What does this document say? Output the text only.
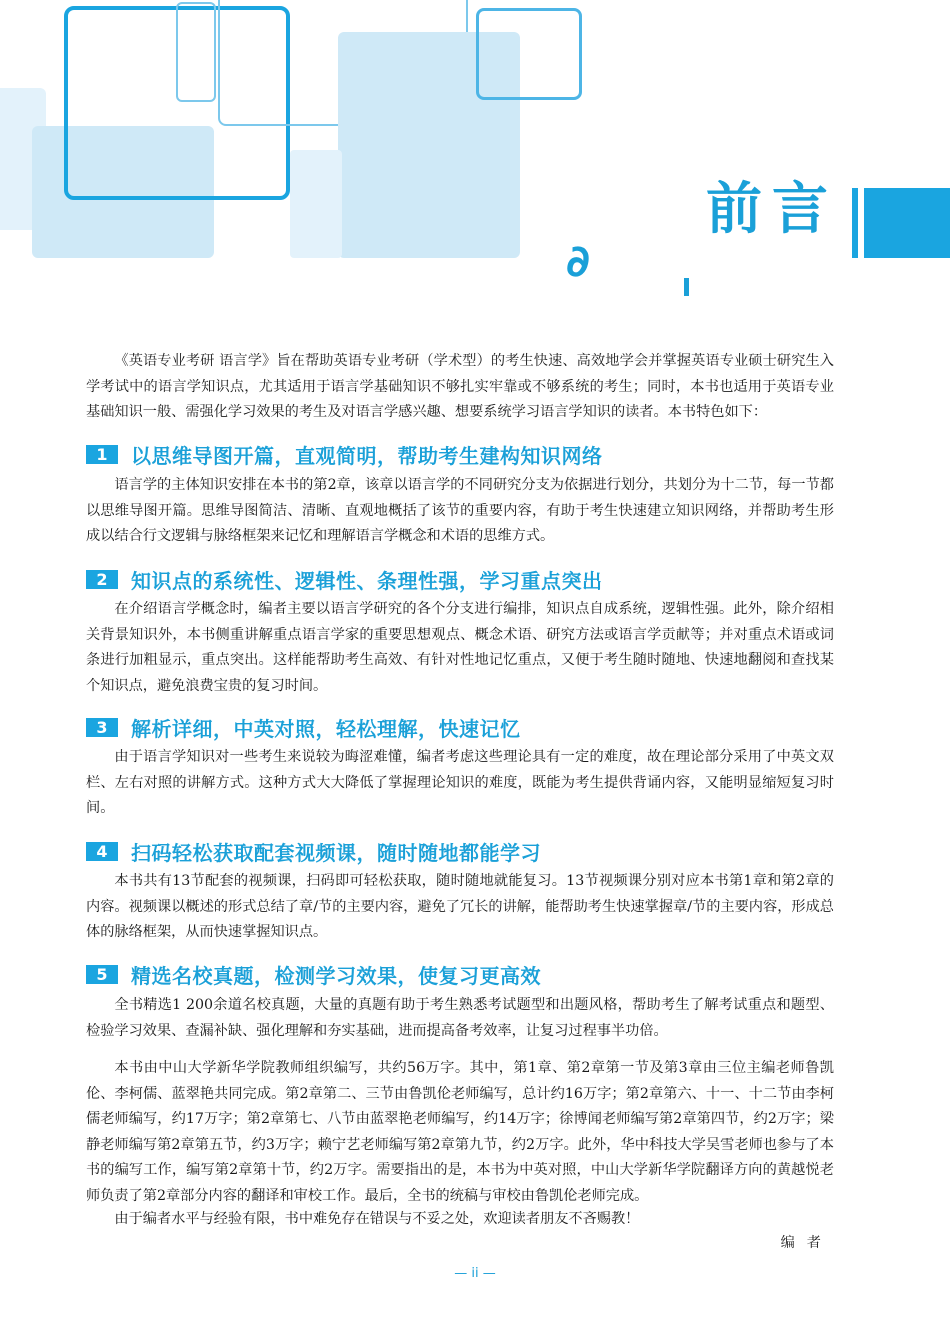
前言
∂
《英语专业考研 语言学》旨在帮助英语专业考研（学术型）的考生快速、高效地学会并掌握英语专业硕士研究生入学考试中的语言学知识点，尤其适用于语言学基础知识不够扎实牢靠或不够系统的考生；同时，本书也适用于英语专业基础知识一般、需强化学习效果的考生及对语言学感兴趣、想要系统学习语言学知识的读者。本书特色如下：
1	以思维导图开篇，直观简明，帮助考生建构知识网络
语言学的主体知识安排在本书的第2章，该章以语言学的不同研究分支为依据进行划分，共划分为十二节，每一节都以思维导图开篇。思维导图简洁、清晰、直观地概括了该节的重要内容，有助于考生快速建立知识网络，并帮助考生形成以结合行文逻辑与脉络框架来记忆和理解语言学概念和术语的思维方式。
2	知识点的系统性、逻辑性、条理性强，学习重点突出
在介绍语言学概念时，编者主要以语言学研究的各个分支进行编排，知识点自成系统，逻辑性强。此外，除介绍相关背景知识外，本书侧重讲解重点语言学家的重要思想观点、概念术语、研究方法或语言学贡献等；并对重点术语或词条进行加粗显示，重点突出。这样能帮助考生高效、有针对性地记忆重点，又便于考生随时随地、快速地翻阅和查找某个知识点，避免浪费宝贵的复习时间。
3	解析详细，中英对照，轻松理解，快速记忆
由于语言学知识对一些考生来说较为晦涩难懂，编者考虑这些理论具有一定的难度，故在理论部分采用了中英文双栏、左右对照的讲解方式。这种方式大大降低了掌握理论知识的难度，既能为考生提供背诵内容，又能明显缩短复习时间。
4	扫码轻松获取配套视频课，随时随地都能学习
本书共有13节配套的视频课，扫码即可轻松获取，随时随地就能复习。13节视频课分别对应本书第1章和第2章的内容。视频课以概述的形式总结了章/节的主要内容，避免了冗长的讲解，能帮助考生快速掌握章/节的主要内容，形成总体的脉络框架，从而快速掌握知识点。
5	精选名校真题，检测学习效果，使复习更高效
全书精选1 200余道名校真题，大量的真题有助于考生熟悉考试题型和出题风格，帮助考生了解考试重点和题型、检验学习效果、查漏补缺、强化理解和夯实基础，进而提高备考效率，让复习过程事半功倍。
本书由中山大学新华学院教师组织编写，共约56万字。其中，第1章、第2章第一节及第3章由三位主编老师鲁凯伦、李柯儒、蓝翠艳共同完成。第2章第二、三节由鲁凯伦老师编写，总计约16万字；第2章第六、十一、十二节由李柯儒老师编写，约17万字；第2章第七、八节由蓝翠艳老师编写，约14万字；徐博闻老师编写第2章第四节，约2万字；梁静老师编写第2章第五节，约3万字；赖宁艺老师编写第2章第九节，约2万字。此外，华中科技大学吴雪老师也参与了本书的编写工作，编写第2章第十节，约2万字。需要指出的是，本书为中英对照，中山大学新华学院翻译方向的黄越悦老师负责了第2章部分内容的翻译和审校工作。最后，全书的统稿与审校由鲁凯伦老师完成。
由于编者水平与经验有限，书中难免存在错误与不妥之处，欢迎读者朋友不吝赐教！
编者
— ii —
